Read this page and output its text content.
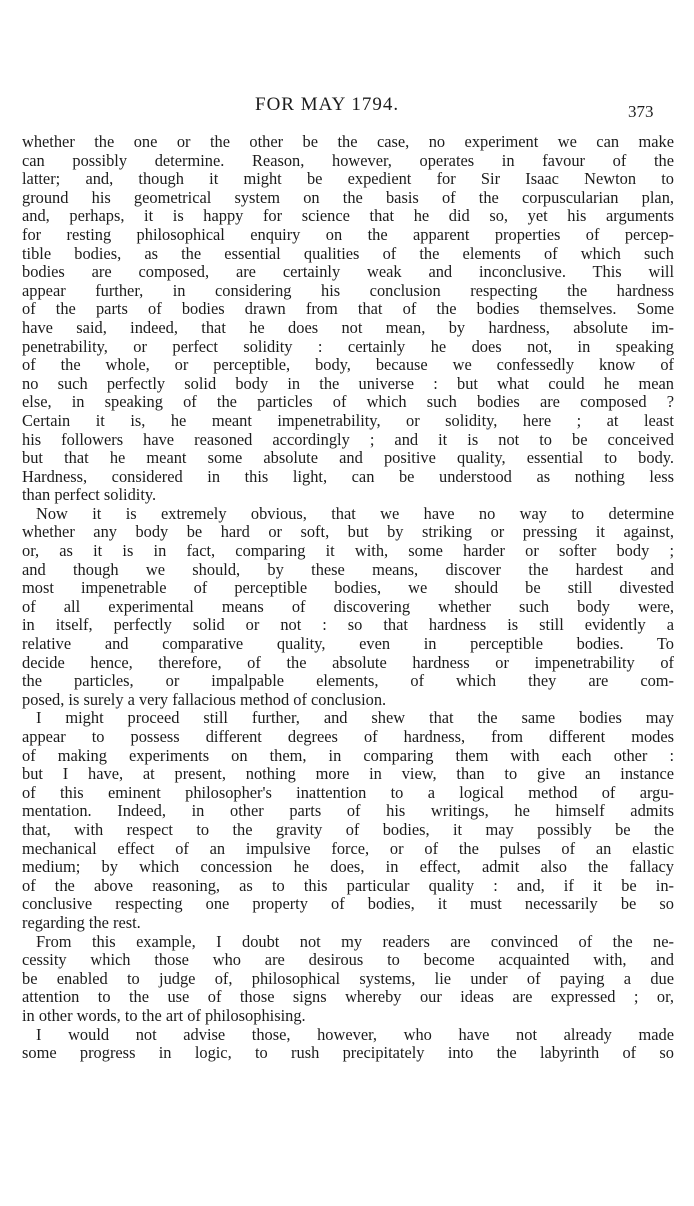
FOR MAY 1794.	373
whether the one or the other be the case, no experiment we can make
can possibly determine. Reason, however, operates in favour of the
latter; and, though it might be expedient for Sir Isaac Newton to
ground his geometrical system on the basis of the corpuscularian plan,
and, perhaps, it is happy for science that he did so, yet his arguments
for resting philosophical enquiry on the apparent properties of percep-
tible bodies, as the essential qualities of the elements of which such
bodies are composed, are certainly weak and inconclusive. This will
appear further, in considering his conclusion respecting the hardness
of the parts of bodies drawn from that of the bodies themselves. Some
have said, indeed, that he does not mean, by hardness, absolute im-
penetrability, or perfect solidity : certainly he does not, in speaking
of the whole, or perceptible, body, because we confessedly know of
no such perfectly solid body in the universe : but what could he mean
else, in speaking of the particles of which such bodies are composed ?
Certain it is, he meant impenetrability, or solidity, here ; at least
his followers have reasoned accordingly ; and it is not to be conceived
but that he meant some absolute and positive quality, essential to body.
Hardness, considered in this light, can be understood as nothing less
than perfect solidity.
Now it is extremely obvious, that we have no way to determine
whether any body be hard or soft, but by striking or pressing it against,
or, as it is in fact, comparing it with, some harder or softer body ;
and though we should, by these means, discover the hardest and
most impenetrable of perceptible bodies, we should be still divested
of all experimental means of discovering whether such body were,
in itself, perfectly solid or not : so that hardness is still evidently a
relative and comparative quality, even in perceptible bodies. To
decide hence, therefore, of the absolute hardness or impenetrability of
the particles, or impalpable elements, of which they are com-
posed, is surely a very fallacious method of conclusion.
I might proceed still further, and shew that the same bodies may
appear to possess different degrees of hardness, from different modes
of making experiments on them, in comparing them with each other :
but I have, at present, nothing more in view, than to give an instance
of this eminent philosopher's inattention to a logical method of argu-
mentation. Indeed, in other parts of his writings, he himself admits
that, with respect to the gravity of bodies, it may possibly be the
mechanical effect of an impulsive force, or of the pulses of an elastic
medium; by which concession he does, in effect, admit also the fallacy
of the above reasoning, as to this particular quality : and, if it be in-
conclusive respecting one property of bodies, it must necessarily be so
regarding the rest.
From this example, I doubt not my readers are convinced of the ne-
cessity which those who are desirous to become acquainted with, and
be enabled to judge of, philosophical systems, lie under of paying a due
attention to the use of those signs whereby our ideas are expressed ; or,
in other words, to the art of philosophising.
I would not advise those, however, who have not already made
some progress in logic, to rush precipitately into the labyrinth of so
